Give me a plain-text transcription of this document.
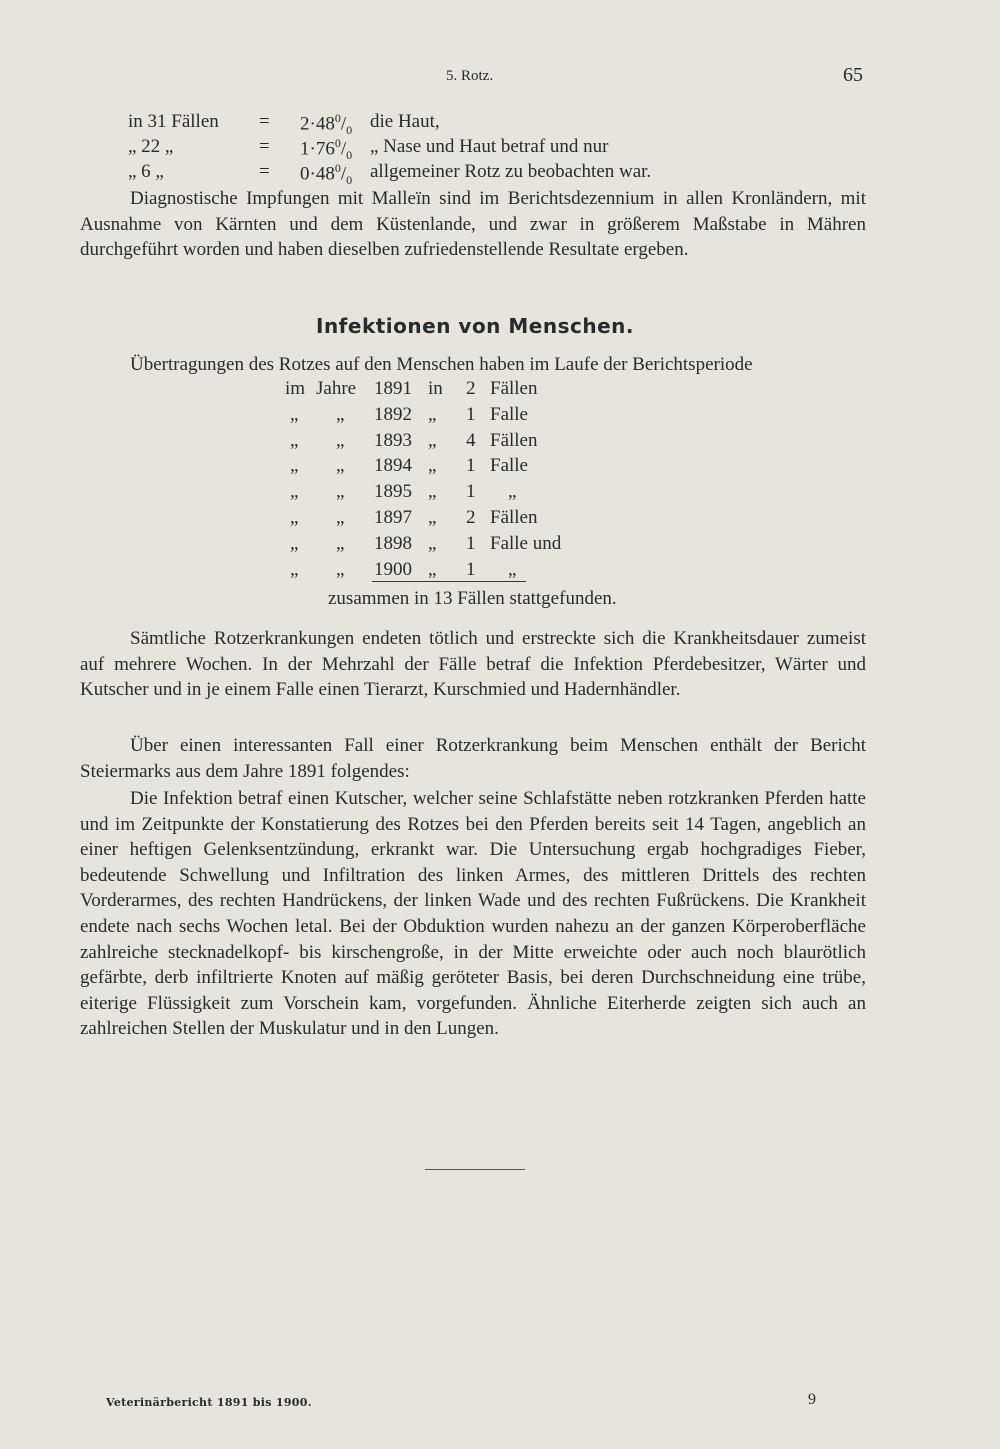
5. Rotz.	65
in 31 Fällen = $2\cdot 48^0/_0$ die Haut,
„ 22 „	= $1\cdot 76^0/_0$ „ Nase und Haut betraf und nur
„ 6 „	= $0\cdot 48^0/_0$ allgemeiner Rotz zu beobachten war.

Diagnostische Impfungen mit Malleïn sind im Berichtsdezennium in allen Kronländern, mit Ausnahme von Kärnten und dem Küstenlande, und zwar in größerem Maßstabe in Mähren durchgeführt worden und haben dieselben zufriedenstellende Resultate ergeben.

Infektionen von Menschen.

Übertragungen des Rotzes auf den Menschen haben im Laufe der Berichtsperiode

im Jahre 1891 in 2 Fällen
„ „ 1892 „ 1 Falle
„ „ 1893 „ 4 Fällen
„ „ 1894 „ 1 Falle
„ „ 1895 „ 1 „
„ „ 1897 „ 2 Fällen
„ „ 1898 „ 1 Falle und
„ „ 1900 „ 1 „
zusammen in 13 Fällen stattgefunden.

Sämtliche Rotzerkrankungen endeten tötlich und erstreckte sich die Krankheitsdauer zumeist auf mehrere Wochen. In der Mehrzahl der Fälle betraf die Infektion Pferdebesitzer, Wärter und Kutscher und in je einem Falle einen Tierarzt, Kurschmied und Hadernhändler.

Über einen interessanten Fall einer Rotzerkrankung beim Menschen enthält der Bericht Steiermarks aus dem Jahre 1891 folgendes:

Die Infektion betraf einen Kutscher, welcher seine Schlafstätte neben rotzkranken Pferden hatte und im Zeitpunkte der Konstatierung des Rotzes bei den Pferden bereits seit 14 Tagen, angeblich an einer heftigen Gelenksentzündung, erkrankt war. Die Untersuchung ergab hochgradiges Fieber, bedeutende Schwellung und Infiltration des linken Armes, des mittleren Drittels des rechten Vorderarmes, des rechten Handrückens, der linken Wade und des rechten Fußrückens. Die Krankheit endete nach sechs Wochen letal. Bei der Obduktion wurden nahezu an der ganzen Körperoberfläche zahlreiche stecknadelkopf- bis kirschengroße, in der Mitte erweichte oder auch noch blaurötlich gefärbte, derb infiltrierte Knoten auf mäßig geröteter Basis, bei deren Durchschneidung eine trübe, eiterige Flüssigkeit zum Vorschein kam, vorgefunden. Ähnliche Eiterherde zeigten sich auch an zahlreichen Stellen der Muskulatur und in den Lungen.

Veterinärbericht 1891 bis 1900.	9
